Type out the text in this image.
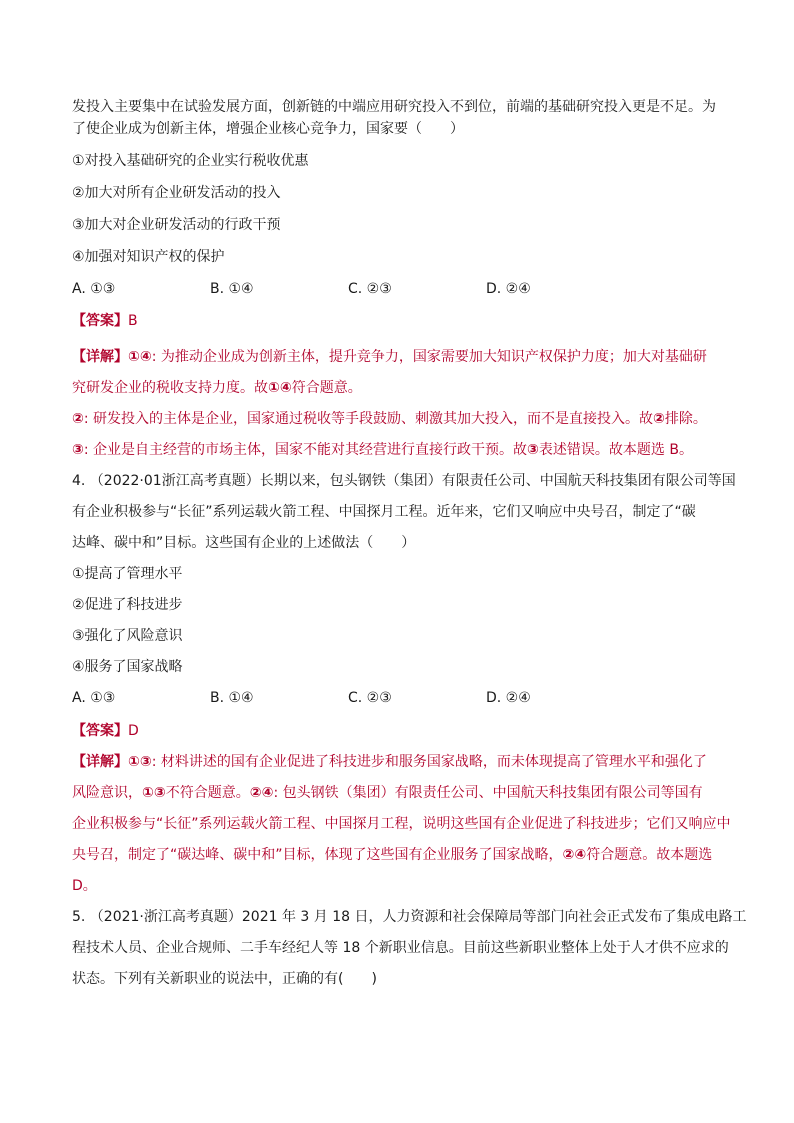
发投入主要集中在试验发展方面，创新链的中端应用研究投入不到位，前端的基础研究投入更是不足。为
了使企业成为创新主体，增强企业核心竞争力，国家要（　　）
①对投入基础研究的企业实行税收优惠
②加大对所有企业研发活动的投入
③加大对企业研发活动的行政干预
④加强对知识产权的保护
A. ①③	B. ①④	C. ②③	D. ②④
【答案】B
【详解】①④: 为推动企业成为创新主体，提升竞争力，国家需要加大知识产权保护力度；加大对基础研
究研发企业的税收支持力度。故①④符合题意。
②: 研发投入的主体是企业，国家通过税收等手段鼓励、刺激其加大投入，而不是直接投入。故②排除。
③: 企业是自主经营的市场主体，国家不能对其经营进行直接行政干预。故③表述错误。故本题选 B。
4. （2022·01浙江高考真题）长期以来，包头钢铁（集团）有限责任公司、中国航天科技集团有限公司等国
有企业积极参与“长征”系列运载火箭工程、中国探月工程。近年来，它们又响应中央号召，制定了“碳
达峰、碳中和”目标。这些国有企业的上述做法（　　）
①提高了管理水平
②促进了科技进步
③强化了风险意识
④服务了国家战略
A. ①③	B. ①④	C. ②③	D. ②④
【答案】D
【详解】①③: 材料讲述的国有企业促进了科技进步和服务国家战略，而未体现提高了管理水平和强化了
风险意识，①③不符合题意。②④: 包头钢铁（集团）有限责任公司、中国航天科技集团有限公司等国有
企业积极参与“长征”系列运载火箭工程、中国探月工程，说明这些国有企业促进了科技进步；它们又响应中
央号召，制定了“碳达峰、碳中和”目标，体现了这些国有企业服务了国家战略，②④符合题意。故本题选
D。
5. （2021·浙江高考真题）2021 年 3 月 18 日，人力资源和社会保障局等部门向社会正式发布了集成电路工
程技术人员、企业合规师、二手车经纪人等 18 个新职业信息。目前这些新职业整体上处于人才供不应求的
状态。下列有关新职业的说法中，正确的有(　　)
